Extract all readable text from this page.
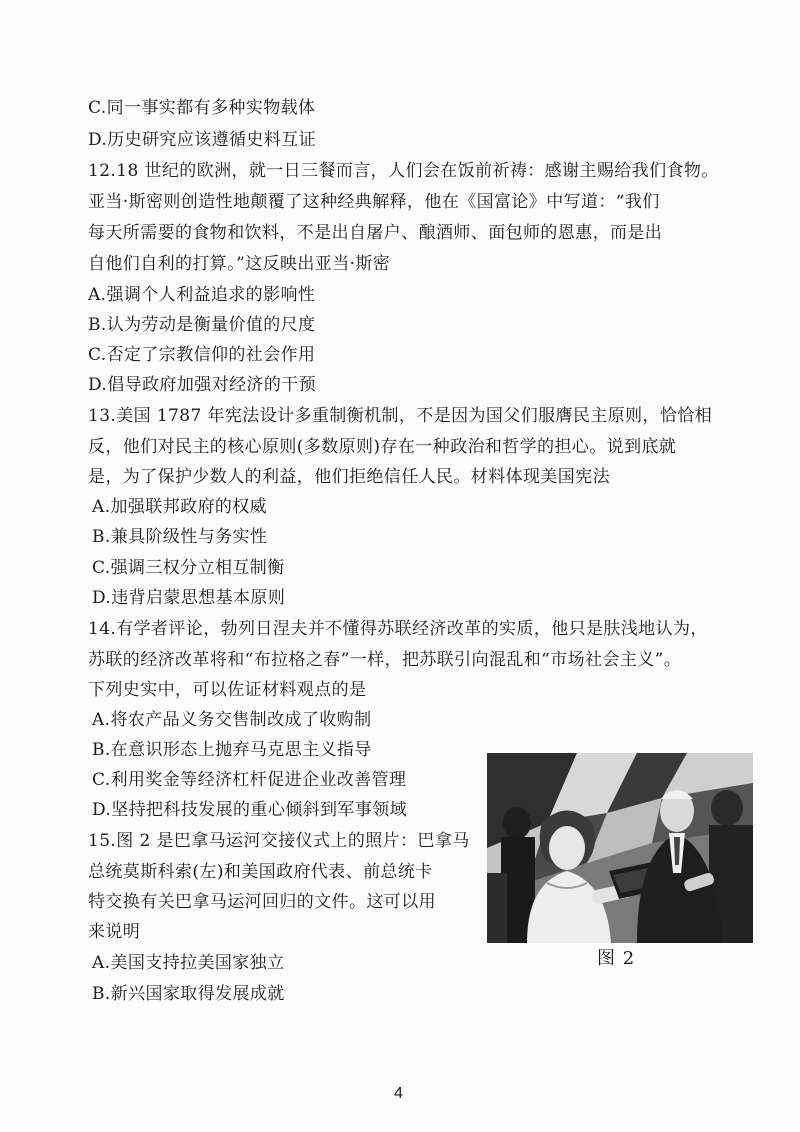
C.同一事实都有多种实物载体
D.历史研究应该遵循史料互证
12.18 世纪的欧洲，就一日三餐而言，人们会在饭前祈祷：感谢主赐给我们食物。
亚当·斯密则创造性地颠覆了这种经典解释，他在《国富论》中写道：“我们
每天所需要的食物和饮料，不是出自屠户、酿酒师、面包师的恩惠，而是出
自他们自利的打算。”这反映出亚当·斯密
A.强调个人利益追求的影响性
B.认为劳动是衡量价值的尺度
C.否定了宗教信仰的社会作用
D.倡导政府加强对经济的干预
13.美国 1787 年宪法设计多重制衡机制，不是因为国父们服膺民主原则，恰恰相
反，他们对民主的核心原则(多数原则)存在一种政治和哲学的担心。说到底就
是，为了保护少数人的利益，他们拒绝信任人民。材料体现美国宪法
A.加强联邦政府的权威
B.兼具阶级性与务实性
C.强调三权分立相互制衡
D.违背启蒙思想基本原则
14.有学者评论，勃列日涅夫并不懂得苏联经济改革的实质，他只是肤浅地认为，
苏联的经济改革将和“布拉格之春”一样，把苏联引向混乱和“市场社会主义”。
下列史实中，可以佐证材料观点的是
A.将农产品义务交售制改成了收购制
B.在意识形态上抛弃马克思主义指导
C.利用奖金等经济杠杆促进企业改善管理
D.坚持把科技发展的重心倾斜到军事领域
15.图 2 是巴拿马运河交接仪式上的照片：巴拿马
总统莫斯科索(左)和美国政府代表、前总统卡
特交换有关巴拿马运河回归的文件。这可以用
来说明
A.美国支持拉美国家独立
B.新兴国家取得发展成就
图 2
4
